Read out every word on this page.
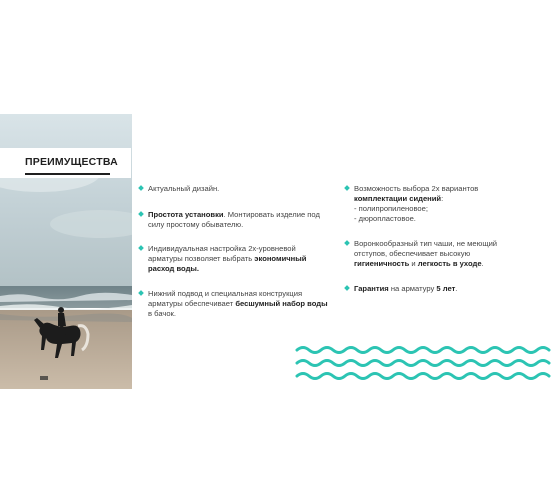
ПРЕИМУЩЕСТВА
Актуальный дизайн.
Простота установки. Монтировать изделие под силу простому обывателю.
Индивидуальная настройка 2х-уровневой арматуры позволяет выбрать экономичный расход воды.
Нижний подвод и специальная конструкция арматуры обеспечивает бесшумный набор воды в бачок.
Возможность выбора 2х вариантов комплектации сидений:
- полипропиленовое;
- дюропластовое.
Воронкообразный тип чаши, не меющий отступов, обеспечивает высокую гигиеничность и легкость в уходе.
Гарантия на арматуру 5 лет.
